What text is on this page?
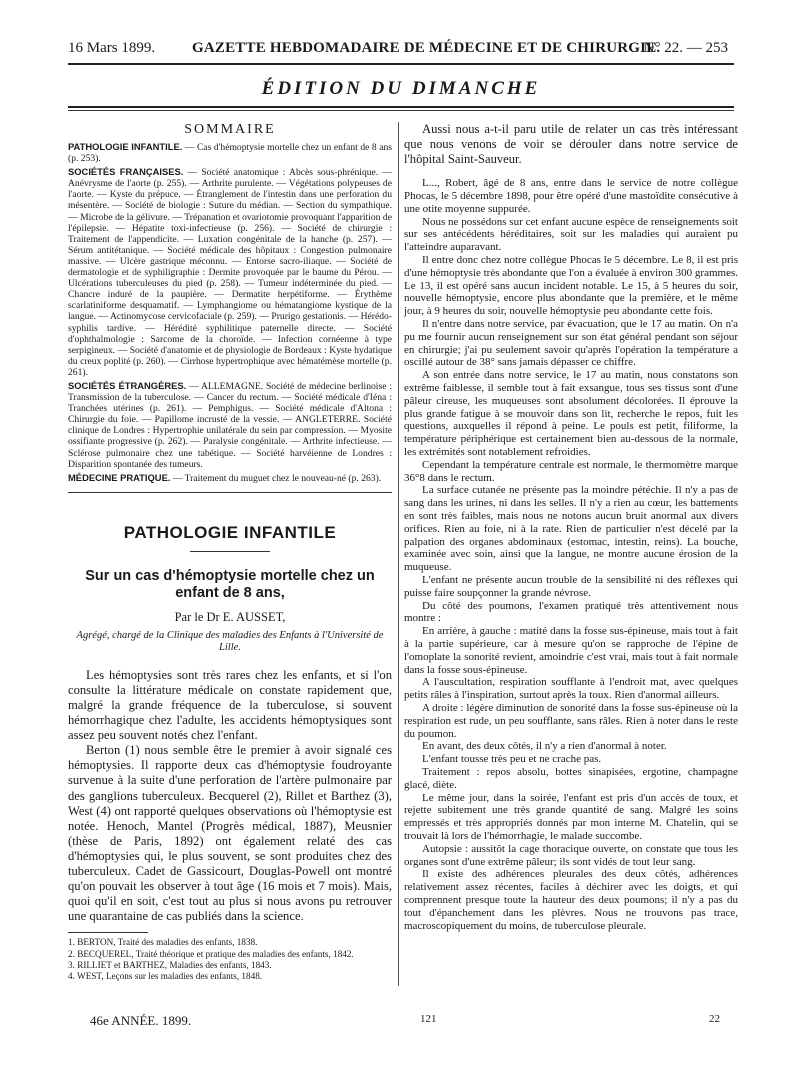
16 Mars 1899. GAZETTE HEBDOMADAIRE DE MÉDECINE ET DE CHIRURGIE.
N° 22. — 253
ÉDITION DU DIMANCHE
SOMMAIRE

PATHOLOGIE INFANTILE. — Cas d'hémoptysie mortelle chez un enfant de 8 ans (p. 253).

SOCIÉTÉS FRANÇAISES. — Société anatomique : Abcès sous-phrénique. — Anévrysme de l'aorte (p. 255). — Arthrite purulente. — Végétations polypeuses de l'aorte. — Kyste du prépuce. — Étranglement de l'intestin dans une perforation du mésentère. — Société de biologie : Suture du médian. — Section du sympathique. — Microbe de la gélivure. — Trépanation et ovariotomie provoquant l'apparition de l'épilepsie. — Hépatite toxi-infectieuse (p. 256). — Société de chirurgie : Traitement de l'appendicite. — Luxation congénitale de la hanche (p. 257). — Sérum antitétanique. — Société médicale des hôpitaux : Congestion pulmonaire massive. — Ulcère gastrique méconnu. — Entorse sacro-iliaque. — Société de dermatologie et de syphiligraphie : Dermite provoquée par le baume du Pérou. — Ulcérations tuberculeuses du pied (p. 258). — Tumeur indéterminée du pied. — Chancre induré de la paupière. — Dermatite herpétiforme. — Érythème scarlatiniforme desquamatif. — Lymphangiome ou hématangiome kystique de la langue. — Actinomycose cervicofaciale (p. 259). — Prurigo gestationis. — Hérédo-syphilis tardive. — Hérédité syphilitique paternelle directe. — Société d'ophthalmologie : Sarcome de la choroïde. — Infection cornéenne à type serpigineux. — Société d'anatomie et de physiologie de Bordeaux : Kyste hydatique du creux poplité (p. 260). — Cirrhose hypertrophique avec hématémèse mortelle (p. 261).

SOCIÉTÉS ÉTRANGÈRES. — ALLEMAGNE. Société de médecine berlinoise : Transmission de la tuberculose. — Cancer du rectum. — Société médicale d'Iéna : Tranchées utérines (p. 261). — Pemphigus. — Société médicale d'Altona : Chirurgie du foie. — Papillome incrusté de la vessie. — ANGLETERRE. Société clinique de Londres : Hypertrophie unilatérale du sein par compression. — Myosite ossifiante progressive (p. 262). — Paralysie congénitale. — Arthrite infectieuse. — Sclérose pulmonaire chez une tabétique. — Société harvéienne de Londres : Disparition spontanée des tumeurs.

MÉDECINE PRATIQUE. — Traitement du muguet chez le nouveau-né (p. 263).

PATHOLOGIE INFANTILE
Sur un cas d'hémoptysie mortelle chez un enfant de 8 ans,
Par le Dr E. AUSSET,
Agrégé, chargé de la Clinique des maladies des Enfants à l'Université de Lille.

Les hémoptysies sont très rares chez les enfants, et si l'on consulte la littérature médicale on constate rapidement que, malgré la grande fréquence de la tuberculose, si souvent hémorrhagique chez l'adulte, les accidents hémoptysiques sont assez peu souvent notés chez l'enfant.

Berton (1) nous semble être le premier à avoir signalé ces hémoptysies. Il rapporte deux cas d'hémoptysie foudroyante survenue à la suite d'une perforation de l'artère pulmonaire par des ganglions tuberculeux. Becquerel (2), Rillet et Barthez (3), West (4) ont rapporté quelques observations où l'hémoptysie est notée. Henoch, Mantel (Progrès médical, 1887), Meusnier (thèse de Paris, 1892) ont également relaté des cas d'hémoptysies qui, le plus souvent, se sont produites chez des tuberculeux. Cadet de Gassicourt, Douglas-Powell ont montré qu'on pouvait les observer à tout âge (16 mois et 7 mois). Mais, quoi qu'il en soit, c'est tout au plus si nous avons pu retrouver une quarantaine de cas publiés dans la science.

1. BERTON, Traité des maladies des enfants, 1838.

2. BECQUEREL, Traité théorique et pratique des maladies des enfants, 1842.

3. RILLIET et BARTHEZ, Maladies des enfants, 1843.

4. WEST, Leçons sur les maladies des enfants, 1848.

Aussi nous a-t-il paru utile de relater un cas très intéressant que nous venons de voir se dérouler dans notre service de l'hôpital Saint-Sauveur.

L..., Robert, âgé de 8 ans, entre dans le service de notre collègue Phocas, le 5 décembre 1898, pour être opéré d'une mastoïdite consécutive à une otite moyenne suppurée.

Nous ne possédons sur cet enfant aucune espèce de renseignements soit sur ses antécédents héréditaires, soit sur les maladies qui auraient pu l'atteindre auparavant.

Il entre donc chez notre collègue Phocas le 5 décembre. Le 8, il est pris d'une hémoptysie très abondante que l'on a évaluée à environ 300 grammes. Le 13, il est opéré sans aucun incident notable. Le 15, à 5 heures du soir, nouvelle hémoptysie, encore plus abondante que la première, et le même jour, à 9 heures du soir, nouvelle hémoptysie peu abondante cette fois.

Il n'entre dans notre service, par évacuation, que le 17 au matin. On n'a pu me fournir aucun renseignement sur son état général pendant son séjour en chirurgie; j'ai pu seulement savoir qu'après l'opération la température a oscillé autour de 38° sans jamais dépasser ce chiffre.

A son entrée dans notre service, le 17 au matin, nous constatons son extrême faiblesse, il semble tout à fait exsangue, tous ses tissus sont d'une pâleur cireuse, les muqueuses sont absolument décolorées. Il éprouve la plus grande fatigue à se mouvoir dans son lit, recherche le repos, fuit les questions, auxquelles il répond à peine. Le pouls est petit, filiforme, la température périphérique est certainement bien au-dessous de la normale, les extrémités sont notablement refroidies.

Cependant la température centrale est normale, le thermomètre marque 36°8 dans le rectum.

La surface cutanée ne présente pas la moindre pétéchie. Il n'y a pas de sang dans les urines, ni dans les selles. Il n'y a rien au cœur, les battements en sont très faibles, mais nous ne notons aucun bruit anormal aux divers orifices. Rien au foie, ni à la rate. Rien de particulier n'est décelé par la palpation des organes abdominaux (estomac, intestin, reins). La bouche, examinée avec soin, ainsi que la langue, ne montre aucune érosion de la muqueuse.

L'enfant ne présente aucun trouble de la sensibilité ni des réflexes qui puisse faire soupçonner la grande névrose.

Du côté des poumons, l'examen pratiqué très attentivement nous montre :

En arrière, à gauche : matité dans la fosse sus-épineuse, mais tout à fait à la partie supérieure, car à mesure qu'on se rapproche de l'épine de l'omoplate la sonorité revient, amoindrie c'est vrai, mais tout à fait normale dans la fosse sous-épineuse.

A l'auscultation, respiration soufflante à l'endroit mat, avec quelques petits râles à l'inspiration, surtout après la toux. Rien d'anormal ailleurs.

A droite : légère diminution de sonorité dans la fosse sus-épineuse où la respiration est rude, un peu soufflante, sans râles. Rien à noter dans le reste du poumon.

En avant, des deux côtés, il n'y a rien d'anormal à noter.

L'enfant tousse très peu et ne crache pas.

Traitement : repos absolu, bottes sinapisées, ergotine, champagne glacé, diète.

Le même jour, dans la soirée, l'enfant est pris d'un accès de toux, et rejette subitement une très grande quantité de sang. Malgré les soins empressés et très appropriés donnés par mon interne M. Chatelin, qui se trouvait là lors de l'hémorrhagie, le malade succombe.

Autopsie : aussitôt la cage thoracique ouverte, on constate que tous les organes sont d'une extrême pâleur; ils sont vidés de tout leur sang.

Il existe des adhérences pleurales des deux côtés, adhérences relativement assez récentes, faciles à déchirer avec les doigts, et qui comprennent presque toute la hauteur des deux poumons; il n'y a pas du tout d'épanchement dans les plèvres. Nous ne trouvons pas trace, macroscopiquement du moins, de tuberculose pleurale.

46e ANNÉE. 1899.	121	22
